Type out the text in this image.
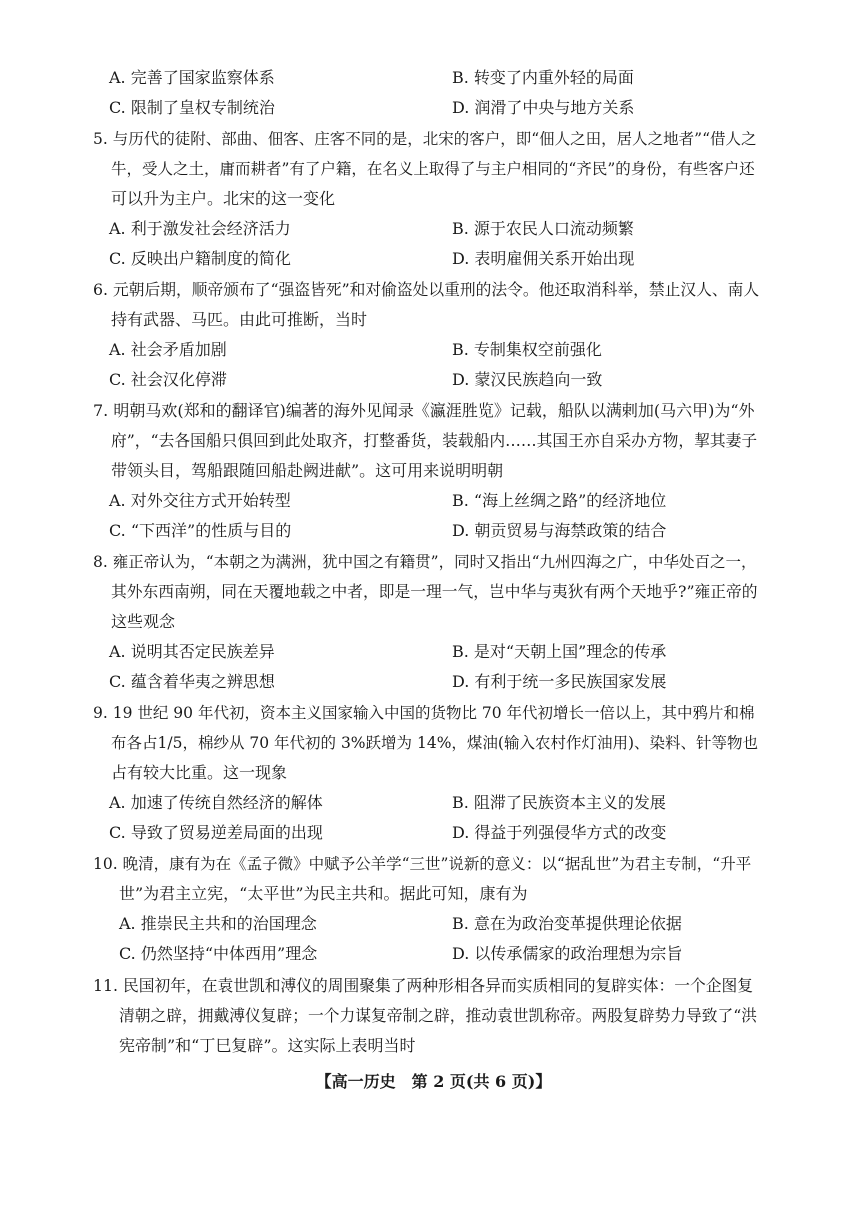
A. 完善了国家监察体系	B. 转变了内重外轻的局面
C. 限制了皇权专制统治	D. 润滑了中央与地方关系
5. 与历代的徒附、部曲、佃客、庄客不同的是，北宋的客户，即“佃人之田，居人之地者”“借人之
牛，受人之土，庸而耕者”有了户籍，在名义上取得了与主户相同的“齐民”的身份，有些客户还
可以升为主户。北宋的这一变化
A. 利于激发社会经济活力	B. 源于农民人口流动频繁
C. 反映出户籍制度的简化	D. 表明雇佣关系开始出现
6. 元朝后期，顺帝颁布了“强盗皆死”和对偷盗处以重刑的法令。他还取消科举，禁止汉人、南人
持有武器、马匹。由此可推断，当时
A. 社会矛盾加剧	B. 专制集权空前强化
C. 社会汉化停滞	D. 蒙汉民族趋向一致
7. 明朝马欢(郑和的翻译官)编著的海外见闻录《瀛涯胜览》记载，船队以满剌加(马六甲)为“外
府”，“去各国船只俱回到此处取齐，打整番货，装载船内……其国王亦自采办方物，挈其妻子
带领头目，驾船跟随回船赴阙进献”。这可用来说明明朝
A. 对外交往方式开始转型	B. “海上丝绸之路”的经济地位
C. “下西洋”的性质与目的	D. 朝贡贸易与海禁政策的结合
8. 雍正帝认为，“本朝之为满洲，犹中国之有籍贯”，同时又指出“九州四海之广，中华处百之一，
其外东西南朔，同在天覆地载之中者，即是一理一气，岂中华与夷狄有两个天地乎?”雍正帝的
这些观念
A. 说明其否定民族差异	B. 是对“天朝上国”理念的传承
C. 蕴含着华夷之辨思想	D. 有利于统一多民族国家发展
9. 19 世纪 90 年代初，资本主义国家输入中国的货物比 70 年代初增长一倍以上，其中鸦片和棉
布各占1/5，棉纱从 70 年代初的 3%跃增为 14%，煤油(输入农村作灯油用)、染料、针等物也
占有较大比重。这一现象
A. 加速了传统自然经济的解体	B. 阻滞了民族资本主义的发展
C. 导致了贸易逆差局面的出现	D. 得益于列强侵华方式的改变
10. 晚清，康有为在《孟子微》中赋予公羊学“三世”说新的意义：以“据乱世”为君主专制，“升平
世”为君主立宪，“太平世”为民主共和。据此可知，康有为
A. 推崇民主共和的治国理念	B. 意在为政治变革提供理论依据
C. 仍然坚持“中体西用”理念	D. 以传承儒家的政治理想为宗旨
11. 民国初年，在袁世凯和溥仪的周围聚集了两种形相各异而实质相同的复辟实体：一个企图复
清朝之辟，拥戴溥仪复辟；一个力谋复帝制之辟，推动袁世凯称帝。两股复辟势力导致了“洪
宪帝制”和“丁巳复辟”。这实际上表明当时
【高一历史　第 2 页(共 6 页)】
